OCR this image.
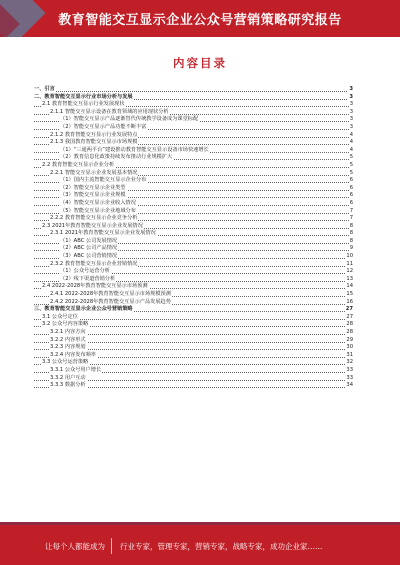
教育智能交互显示企业公众号营销策略研究报告
内容目录
一、引言	3
二、教育智能交互显示行业市场分析与发展	3
2.1 教育智能交互显示行业发展现状	3
2.1.1 智能交互显示设备在教育领域的应用现状分析	3
（1）智能交互显示产品逐渐替代传统教学设备成为课堂标配	3
（2）智能交互显示产品功能不断丰富	3
2.1.2 教育智能交互显示行业发展特点	4
2.1.3 我国教育智能交互显示市场规模	4
（1）“三通两平台”建设推动教育智能交互显示设备市场快速增长	4
（2）教育信息化政策持续发布推动行业规模扩大	5
2.2 教育智能交互显示企业分析	5
2.2.1 智能交互显示企业发展基本情况	5
（1）国内主流智能交互显示企业分布	6
（2）智能交互显示企业类型	6
（3）智能交互显示企业规模	6
（4）智能交互显示企业收入情况	6
（5）智能交互显示企业地域分布	7
2.2.2 教育智能交互显示企业竞争分析	7
2.3 2021年教育智能交互显示企业发展情况	8
2.3.1 2021年教育智能交互显示企业发展情况	8
（1）ABC 公司发展情况	8
（2）ABC 公司产品情况	9
（3）ABC 公司营销情况	10
2.3.2 教育智能交互显示企业营销情况	11
（1）公众号运营分析	12
（2）线下渠道营销分析	13
2.4 2022-2028年教育智能交互显示市场预测	14
2.4.1 2022-2028年教育智能交互显示市场规模预测	15
2.4.2 2022-2028年教育智能交互显示产品发展趋势	16
三、教育智能交互显示企业公众号营销策略	27
3.1 公众号定位	27
3.2 公众号内容策略	28
3.2.1 内容方向	28
3.2.2 内容形式	29
3.2.3 内容规划	30
3.2.4 内容发布频率	31
3.3 公众号运营策略	32
3.3.1 公众号用户增长	33
3.3.2 用户互动	33
3.3.3 数据分析	34
让每个人都能成为 行业专家，管理专家，营销专家，战略专家，成功企业家……
